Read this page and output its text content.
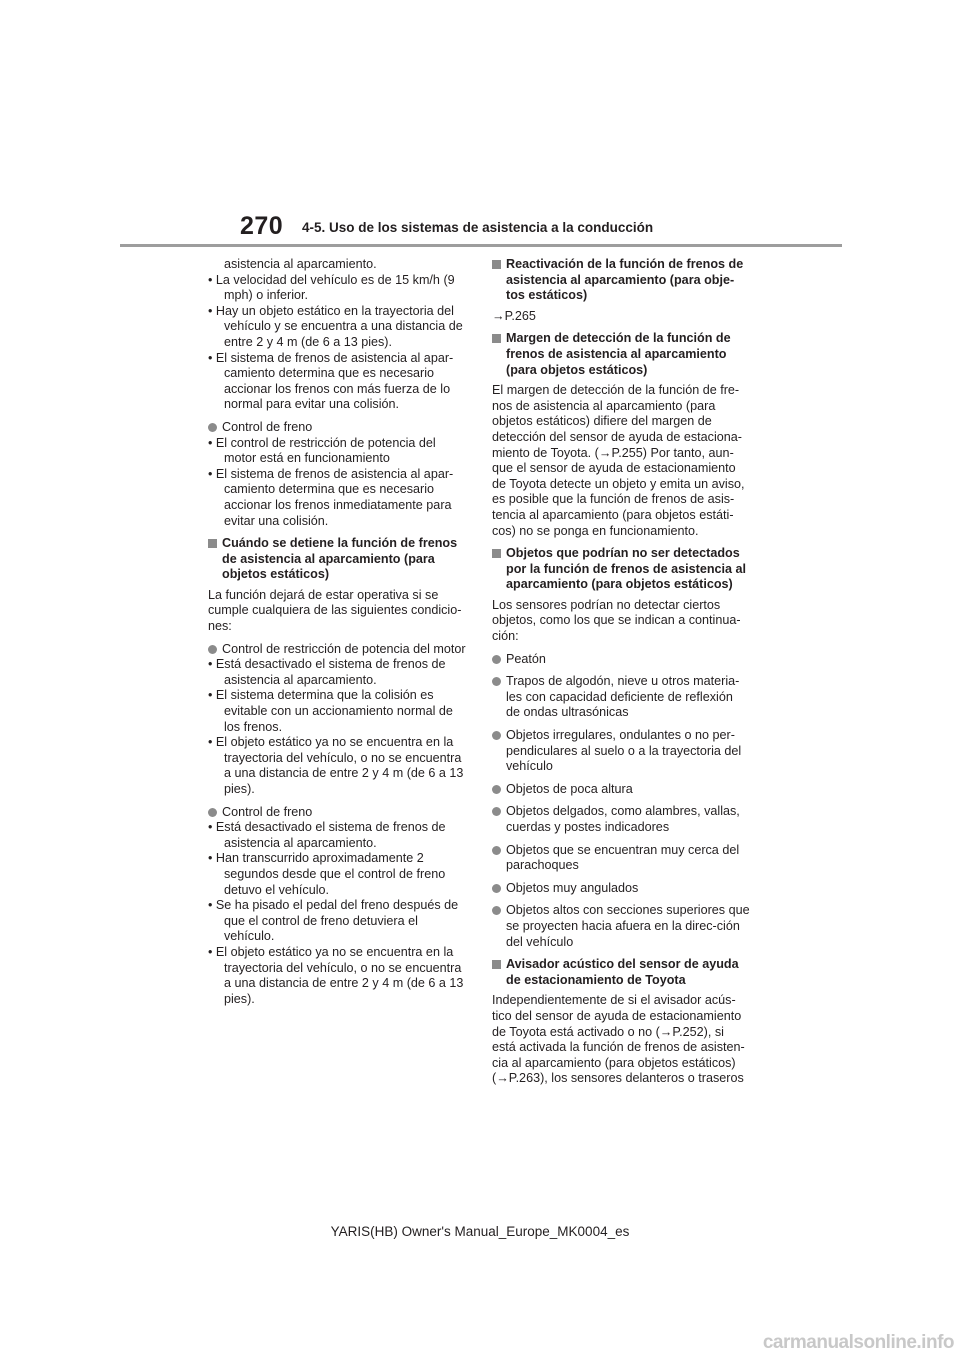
270 4-5. Uso de los sistemas de asistencia a la conducción
asistencia al aparcamiento.
• La velocidad del vehículo es de 15 km/h (9 mph) o inferior.
• Hay un objeto estático en la trayectoria del vehículo y se encuentra a una distancia de entre 2 y 4 m (de 6 a 13 pies).
• El sistema de frenos de asistencia al apar-camiento determina que es necesario accionar los frenos con más fuerza de lo normal para evitar una colisión.
Control de freno
• El control de restricción de potencia del motor está en funcionamiento
• El sistema de frenos de asistencia al apar-camiento determina que es necesario accionar los frenos inmediatamente para evitar una colisión.
Cuándo se detiene la función de frenos de asistencia al aparcamiento (para objetos estáticos)
La función dejará de estar operativa si se cumple cualquiera de las siguientes condicio-nes:
Control de restricción de potencia del motor
• Está desactivado el sistema de frenos de asistencia al aparcamiento.
• El sistema determina que la colisión es evitable con un accionamiento normal de los frenos.
• El objeto estático ya no se encuentra en la trayectoria del vehículo, o no se encuentra a una distancia de entre 2 y 4 m (de 6 a 13 pies).
Control de freno
• Está desactivado el sistema de frenos de asistencia al aparcamiento.
• Han transcurrido aproximadamente 2 segundos desde que el control de freno detuvo el vehículo.
• Se ha pisado el pedal del freno después de que el control de freno detuviera el vehículo.
• El objeto estático ya no se encuentra en la trayectoria del vehículo, o no se encuentra a una distancia de entre 2 y 4 m (de 6 a 13 pies).
Reactivación de la función de frenos de asistencia al aparcamiento (para obje-tos estáticos)
→P.265
Margen de detección de la función de frenos de asistencia al aparcamiento (para objetos estáticos)
El margen de detección de la función de fre-nos de asistencia al aparcamiento (para objetos estáticos) difiere del margen de detección del sensor de ayuda de estaciona-miento de Toyota. (→P.255) Por tanto, aun-que el sensor de ayuda de estacionamiento de Toyota detecte un objeto y emita un aviso, es posible que la función de frenos de asis-tencia al aparcamiento (para objetos estáti-cos) no se ponga en funcionamiento.
Objetos que podrían no ser detectados por la función de frenos de asistencia al aparcamiento (para objetos estáticos)
Los sensores podrían no detectar ciertos objetos, como los que se indican a continua-ción:
Peatón
Trapos de algodón, nieve u otros materia-les con capacidad deficiente de reflexión de ondas ultrasónicas
Objetos irregulares, ondulantes o no per-pendiculares al suelo o a la trayectoria del vehículo
Objetos de poca altura
Objetos delgados, como alambres, vallas, cuerdas y postes indicadores
Objetos que se encuentran muy cerca del parachoques
Objetos muy angulados
Objetos altos con secciones superiores que se proyecten hacia afuera en la direc-ción del vehículo
Avisador acústico del sensor de ayuda de estacionamiento de Toyota
Independientemente de si el avisador acús-tico del sensor de ayuda de estacionamiento de Toyota está activado o no (→P.252), si está activada la función de frenos de asisten-cia al aparcamiento (para objetos estáticos) (→P.263), los sensores delanteros o traseros
YARIS(HB) Owner's Manual_Europe_MK0004_es
carmanualsonline.info
